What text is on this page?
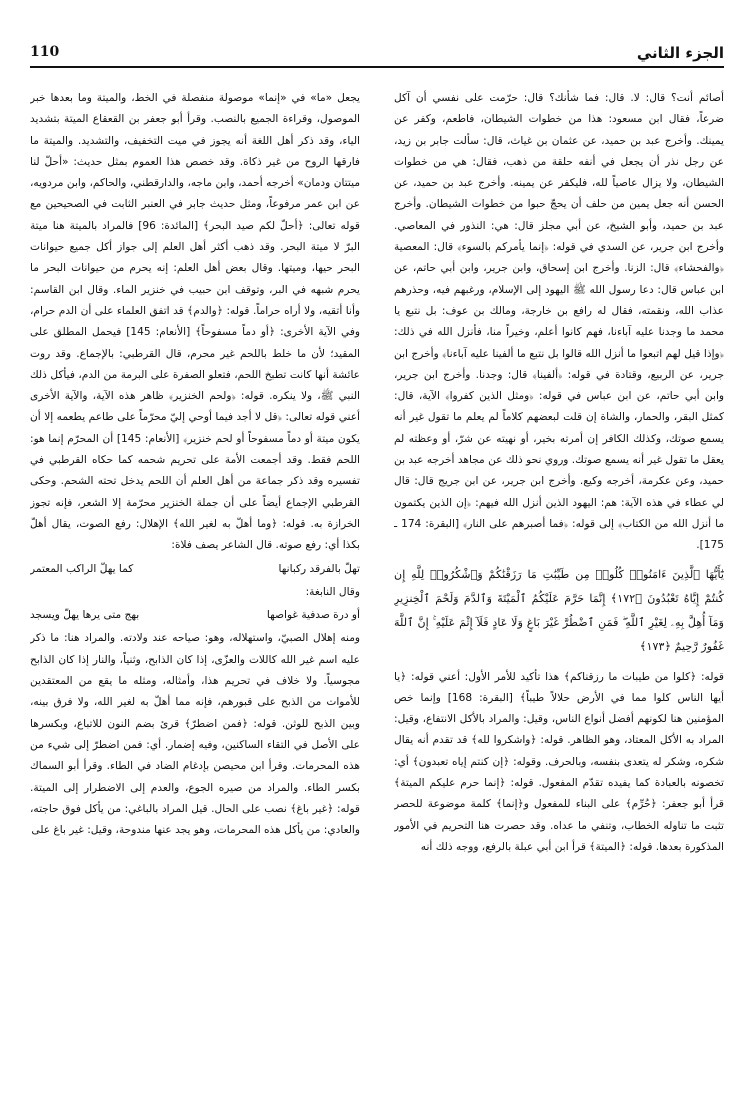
الجزء الثاني
110

أصائم أنت؟ قال: لا. قال: فما شأنك؟ قال: حرّمت على نفسي أن آكل ضرعاً، فقال ابن مسعود: هذا من خطوات الشيطان، فاطعم، وكفر عن يمينك. وأخرج عبد بن حميد، عن عثمان بن غياث، قال: سألت جابر بن زيد، عن رجل نذر أن يجعل في أنفه حلقة من ذهب، فقال: هي من خطوات الشيطان، ولا يزال عاصياً لله، فليكفر عن يمينه. وأخرج عبد بن حميد، عن الحسن أنه جعل يمين من حلف أن يحجّ حبوا من خطوات الشيطان. وأخرج عبد بن حميد، وأبو الشيخ، عن أبي مجلز قال: هي: النذور في المعاصي. وأخرج ابن جرير، عن السدي في قوله: ﴿إنما يأمركم بالسوء﴾ قال: المعصية ﴿والفحشاء﴾ قال: الزنا. وأخرج ابن إسحاق، وابن جرير، وابن أبي حاتم، عن ابن عباس قال: دعا رسول الله ﷺ اليهود إلى الإسلام، ورغبهم فيه، وحذرهم عذاب الله، ونقمته، فقال له رافع بن خارجة، ومالك بن عوف: بل نتبع يا محمد ما وجدنا عليه آباءنا، فهم كانوا أعلم، وخيراً منا، فأنزل الله في ذلك: ﴿وإذا قيل لهم اتبعوا ما أنزل الله قالوا بل نتبع ما ألفينا عليه آباءنا﴾ وأخرج ابن جرير، عن الربيع، وقتادة في قوله: ﴿ألفينا﴾ قال: وجدنا. وأخرج ابن جرير، وابن أبي حاتم، عن ابن عباس في قوله: ﴿ومثل الذين كفروا﴾ الآية، قال: كمثل البقر، والحمار، والشاة إن قلت لبعضهم كلاماً لم يعلم ما تقول غير أنه يسمع صوتك، وكذلك الكافر إن أمرته بخير، أو نهيته عن شرّ، أو وعظته لم يعقل ما تقول غير أنه يسمع صوتك. وروي نحو ذلك عن مجاهد أخرجه عبد بن حميد، وعن عكرمة، أخرجه وكيع. وأخرج ابن جرير، عن ابن جريج قال: قال لي عطاء في هذه الآية: هم: اليهود الذين أنزل الله فيهم: ﴿إن الذين يكتمون ما أنزل الله من الكتاب﴾ إلى قوله: ﴿فما أصبرهم على النار﴾ [البقرة: 174 ـ 175].

يَٰٓأَيُّهَا ٱلَّذِينَ ءَامَنُوا۟ كُلُوا۟ مِن طَيِّبَٰتِ مَا رَزَقْنَٰكُمْ وَٱشْكُرُوا۟ لِلَّهِ إِن كُنتُمْ إِيَّاهُ تَعْبُدُونَ ﴿١٧٢﴾ إِنَّمَا حَرَّمَ عَلَيْكُمُ ٱلْمَيْتَةَ وَٱلدَّمَ وَلَحْمَ ٱلْخِنزِيرِ وَمَآ أُهِلَّ بِهِۦ لِغَيْرِ ٱللَّهِ ۖ فَمَنِ ٱضْطُرَّ غَيْرَ بَاغٍ وَلَا عَادٍ فَلَآ إِثْمَ عَلَيْهِ ۚ إِنَّ ٱللَّهَ غَفُورٌ رَّحِيمٌ ﴿١٧٣﴾

قوله: ﴿كلوا من طيبات ما رزقناكم﴾ هذا تأكيد للأمر الأول: أعني قوله: ﴿يا أيها الناس كلوا مما في الأرض حلالاً طيباً﴾ [البقرة: 168] وإنما خص المؤمنين هنا لكونهم أفضل أنواع الناس، وقيل: والمراد بالأكل الانتفاع، وقيل: المراد به الأكل المعتاد، وهو الظاهر. قوله: ﴿واشكروا لله﴾ قد تقدم أنه يقال شكره، وشكر له يتعدى بنفسه، وبالحرف. وقوله: ﴿إن كنتم إياه تعبدون﴾ أي: تخصونه بالعبادة كما يفيده تقدّم المفعول. قوله: ﴿إنما حرم عليكم الميتة﴾ قرأ أبو جعفر: ﴿حُرِّم﴾ على البناء للمفعول و﴿إنما﴾ كلمة موضوعة للحصر تثبت ما تناوله الخطاب، وتنفي ما عداه. وقد حصرت هنا التحريم في الأمور المذكورة بعدها. قوله: ﴿الميتة﴾ قرأ ابن أبي عبلة بالرفع، ووجه ذلك أنه

يجعل «ما» في «إنما» موصولة منفصلة في الخط، والميتة وما بعدها خبر الموصول، وقراءة الجميع بالنصب. وقرأ أبو جعفر بن القعقاع الميتة بتشديد الياء، وقد ذكر أهل اللغة أنه يجوز في ميت التخفيف، والتشديد. والميتة ما فارقها الروح من غير ذكاة. وقد خصص هذا العموم بمثل حديث: «أحلّ لنا ميتتان ودمان» أخرجه أحمد، وابن ماجه، والدارقطني، والحاكم، وابن مردويه، عن ابن عمر مرفوعاً، ومثل حديث جابر في العنبر الثابت في الصحيحين مع قوله تعالى: ﴿أحلّ لكم صيد البحر﴾ [المائدة: 96] فالمراد بالميتة هنا ميتة البرّ لا ميتة البحر. وقد ذهب أكثر أهل العلم إلى جواز أكل جميع حيوانات البحر حيها، وميتها. وقال بعض أهل العلم: إنه يحرم من حيوانات البحر ما يحرم شبهه في البر، وتوقف ابن حبيب في خنزير الماء. وقال ابن القاسم: وأنا أتقيه، ولا أراه حراماً. قوله: ﴿والدم﴾ قد اتفق العلماء على أن الدم حرام، وفي الآية الأخرى: ﴿أو دماً مسفوحاً﴾ [الأنعام: 145] فيحمل المطلق على المقيد؛ لأن ما خلط باللحم غير محرم، قال القرطبي: بالإجماع. وقد روت عائشة أنها كانت تطبخ اللحم، فتعلو الصفرة على البرمة من الدم، فيأكل ذلك النبي ﷺ، ولا ينكره. قوله: ﴿ولحم الخنزير﴾ ظاهر هذه الآية، والآية الأخرى أعني قوله تعالى: ﴿قل لا أجد فيما أوحي إليّ محرّماً على طاعم يطعمه إلا أن يكون ميتة أو دماً مسفوحاً أو لحم خنزير﴾ [الأنعام: 145] أن المحرّم إنما هو: اللحم فقط. وقد أجمعت الأمة على تحريم شحمه كما حكاه القرطبي في تفسيره وقد ذكر جماعة من أهل العلم أن اللحم يدخل تحته الشحم. وحكى القرطبي الإجماع أيضاً على أن جملة الخنزير محرّمة إلا الشعر، فإنه تجوز الخرازة به. قوله: ﴿وما أهلّ به لغير الله﴾ الإهلال: رفع الصوت، يقال أهلّ بكذا أي: رفع صوته. قال الشاعر يصف فلاة:

تهلّ بالفرقد ركبانها
كما يهلّ الراكب المعتمر

وقال النابغة:

أو درة صدفية غواصها
بهج متى يرها يهلّ ويسجد

ومنه إهلال الصبيّ، واستهلاله، وهو: صياحه عند ولادته. والمراد هنا: ما ذكر عليه اسم غير الله كاللات والعزّى، إذا كان الذابح، وثنياً، والنار إذا كان الذابح مجوسياً. ولا خلاف في تحريم هذا، وأمثاله، ومثله ما يقع من المعتقدين للأموات من الذبح على قبورهم، فإنه مما أهلّ به لغير الله، ولا فرق بينه، وبين الذبح للوثن. قوله: ﴿فمن اضطرّ﴾ قرئ بضم النون للاتباع، وبكسرها على الأصل في التقاء الساكنين، وفيه إضمار. أي: فمن اضطرّ إلى شيء من هذه المحرمات. وقرأ ابن محيصن بإدغام الضاد في الطاء. وقرأ أبو السماك بكسر الطاء. والمراد من صيره الجوع، والعدم إلى الاضطرار إلى الميتة. قوله: ﴿غير باغ﴾ نصب على الحال. قيل المراد بالباغي: من يأكل فوق حاجته، والعادي: من يأكل هذه المحرمات، وهو يجد عنها مندوحة، وقيل: غير باغ على
